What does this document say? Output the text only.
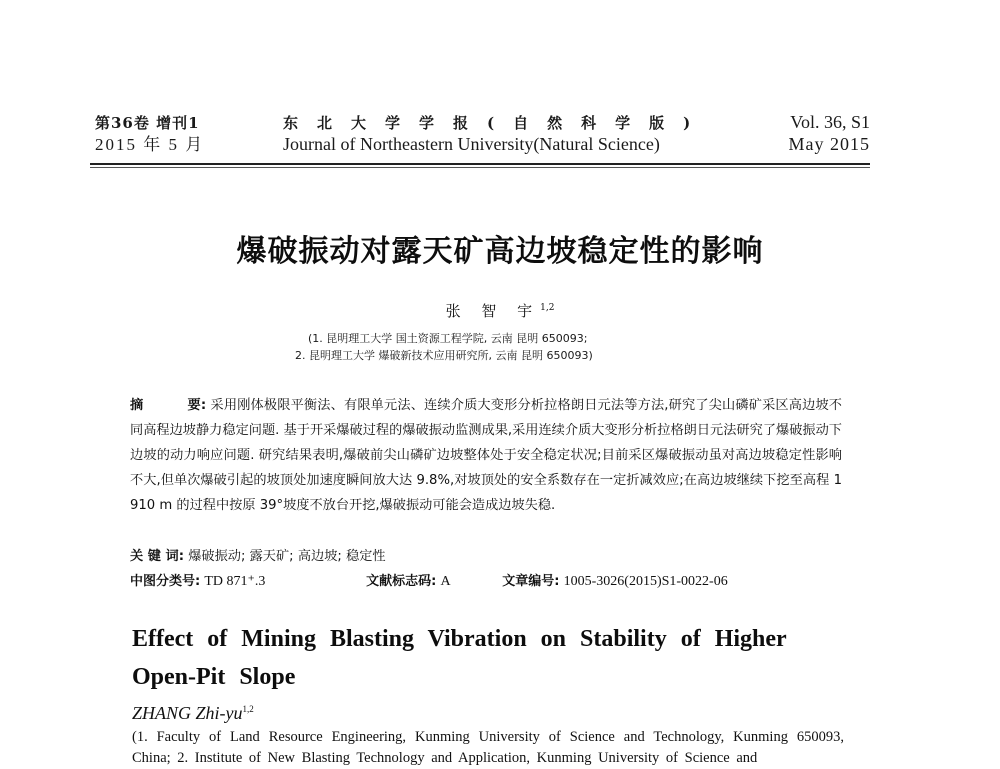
第36卷 增刊1
2015 年 5 月
东北大学学报(自然科学版)
Journal of Northeastern University(Natural Science)
Vol. 36, S1
May 2015
爆破振动对露天矿高边坡稳定性的影响
张 智 宇$^{1,2}$
(1. 昆明理工大学 国土资源工程学院, 云南 昆明 650093;
2. 昆明理工大学 爆破新技术应用研究所, 云南 昆明 650093)
摘	要: 采用刚体极限平衡法、有限单元法、连续介质大变形分析拉格朗日元法等方法,研究了尖山磷矿采区高边坡不同高程边坡静力稳定问题. 基于开采爆破过程的爆破振动监测成果,采用连续介质大变形分析拉格朗日元法研究了爆破振动下边坡的动力响应问题. 研究结果表明,爆破前尖山磷矿边坡整体处于安全稳定状况;目前采区爆破振动虽对高边坡稳定性影响不大,但单次爆破引起的坡顶处加速度瞬间放大达 9.8%,对坡顶处的安全系数存在一定折减效应;在高边坡继续下挖至高程 1 910 m 的过程中按原 39°坡度不放台开挖,爆破振动可能会造成边坡失稳.
关 键 词: 爆破振动; 露天矿; 高边坡; 稳定性
中图分类号: TD 871⁺.3	文献标志码: A	文章编号: 1005-3026(2015)S1-0022-06
Effect of Mining Blasting Vibration on Stability of Higher Open-Pit Slope
ZHANG Zhi-yu$^{1,2}$
(1. Faculty of Land Resource Engineering, Kunming University of Science and Technology, Kunming 650093, China; 2. Institute of New Blasting Technology and Application, Kunming University of Science and
